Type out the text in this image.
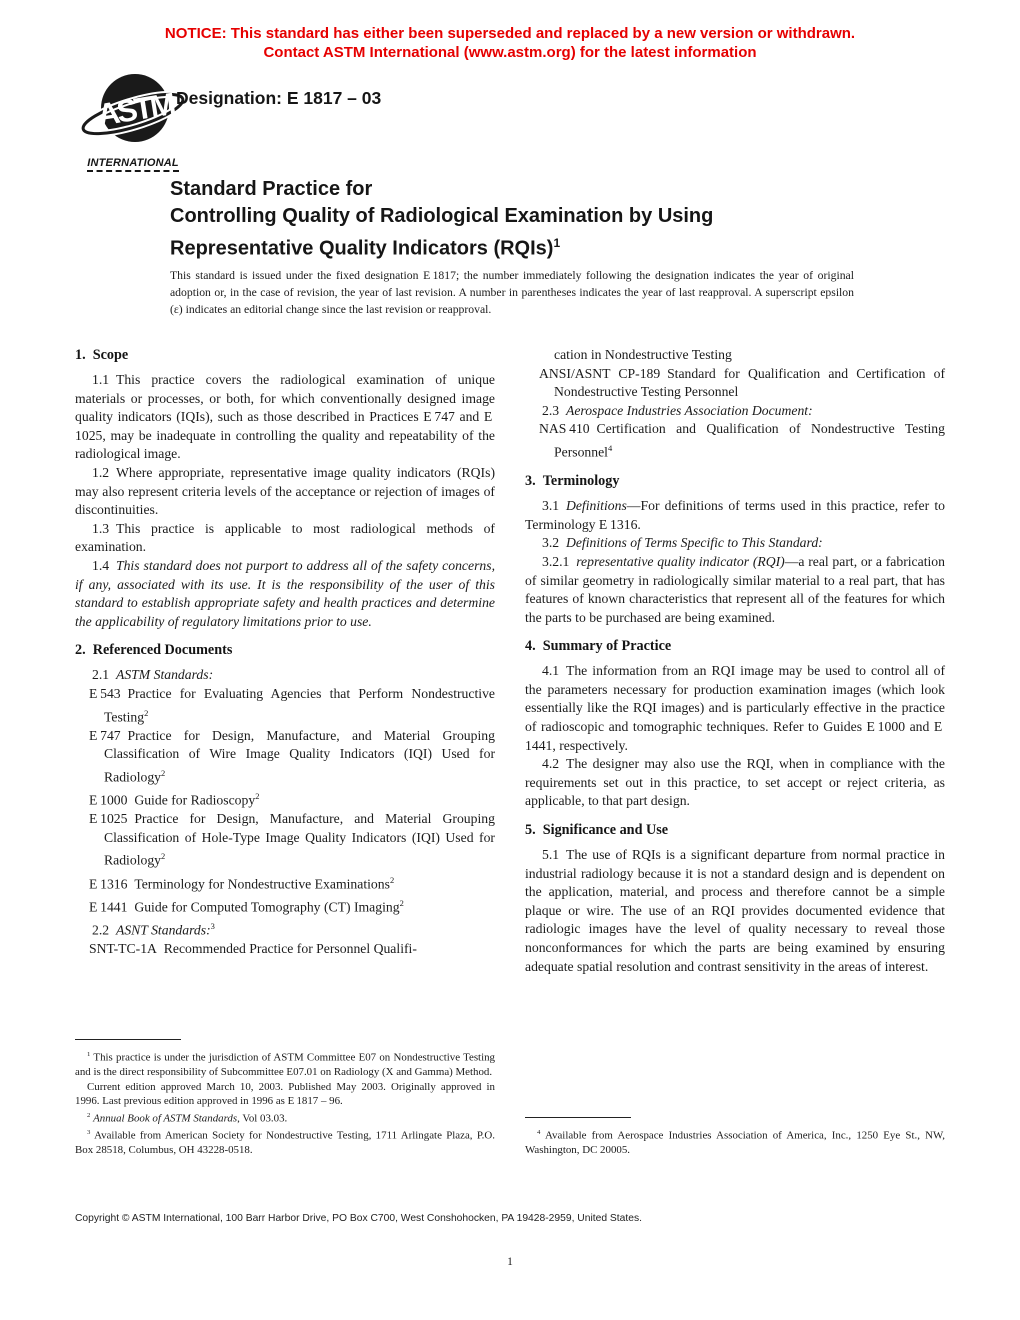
NOTICE: This standard has either been superseded and replaced by a new version or withdrawn.
Contact ASTM International (www.astm.org) for the latest information
ASTM
INTERNATIONAL
Designation: E 1817 – 03
Standard Practice for
Controlling Quality of Radiological Examination by Using
Representative Quality Indicators (RQIs)$^1$

This standard is issued under the fixed designation E 1817; the number immediately following the designation indicates the year of original adoption or, in the case of revision, the year of last revision. A number in parentheses indicates the year of last reapproval. A superscript epsilon (ε) indicates an editorial change since the last revision or reapproval.

1. Scope

1.1 This practice covers the radiological examination of unique materials or processes, or both, for which conventionally designed image quality indicators (IQIs), such as those described in Practices E 747 and E 1025, may be inadequate in controlling the quality and repeatability of the radiological image.

1.2 Where appropriate, representative image quality indicators (RQIs) may also represent criteria levels of the acceptance or rejection of images of discontinuities.

1.3 This practice is applicable to most radiological methods of examination.

1.4 This standard does not purport to address all of the safety concerns, if any, associated with its use. It is the responsibility of the user of this standard to establish appropriate safety and health practices and determine the applicability of regulatory limitations prior to use.

2. Referenced Documents

2.1 ASTM Standards:

E 543 Practice for Evaluating Agencies that Perform Nondestructive Testing$^2$

E 747 Practice for Design, Manufacture, and Material Grouping Classification of Wire Image Quality Indicators (IQI) Used for Radiology$^2$

E 1000 Guide for Radioscopy$^2$

E 1025 Practice for Design, Manufacture, and Material Grouping Classification of Hole-Type Image Quality Indicators (IQI) Used for Radiology$^2$

E 1316 Terminology for Nondestructive Examinations$^2$

E 1441 Guide for Computed Tomography (CT) Imaging$^2$

2.2 ASNT Standards:$^3$

SNT-TC-1A Recommended Practice for Personnel Qualifi-

$^1$ This practice is under the jurisdiction of ASTM Committee E07 on Nondestructive Testing and is the direct responsibility of Subcommittee E07.01 on Radiology (X and Gamma) Method.

Current edition approved March 10, 2003. Published May 2003. Originally approved in 1996. Last previous edition approved in 1996 as E 1817 – 96.

$^2$ Annual Book of ASTM Standards, Vol 03.03.

$^3$ Available from American Society for Nondestructive Testing, 1711 Arlingate Plaza, P.O. Box 28518, Columbus, OH 43228-0518.

cation in Nondestructive Testing

ANSI/ASNT CP-189 Standard for Qualification and Certification of Nondestructive Testing Personnel

2.3 Aerospace Industries Association Document:

NAS 410 Certification and Qualification of Nondestructive Testing Personnel$^4$

3. Terminology

3.1 Definitions—For definitions of terms used in this practice, refer to Terminology E 1316.

3.2 Definitions of Terms Specific to This Standard:

3.2.1 representative quality indicator (RQI)—a real part, or a fabrication of similar geometry in radiologically similar material to a real part, that has features of known characteristics that represent all of the features for which the parts to be purchased are being examined.

4. Summary of Practice

4.1 The information from an RQI image may be used to control all of the parameters necessary for production examination images (which look essentially like the RQI images) and is particularly effective in the practice of radioscopic and tomographic techniques. Refer to Guides E 1000 and E 1441, respectively.

4.2 The designer may also use the RQI, when in compliance with the requirements set out in this practice, to set accept or reject criteria, as applicable, to that part design.

5. Significance and Use

5.1 The use of RQIs is a significant departure from normal practice in industrial radiology because it is not a standard design and is dependent on the application, material, and process and therefore cannot be a simple plaque or wire. The use of an RQI provides documented evidence that radiologic images have the level of quality necessary to reveal those nonconformances for which the parts are being examined by ensuring adequate spatial resolution and contrast sensitivity in the areas of interest.

$^4$ Available from Aerospace Industries Association of America, Inc., 1250 Eye St., NW, Washington, DC 20005.

Copyright © ASTM International, 100 Barr Harbor Drive, PO Box C700, West Conshohocken, PA 19428-2959, United States.

1
